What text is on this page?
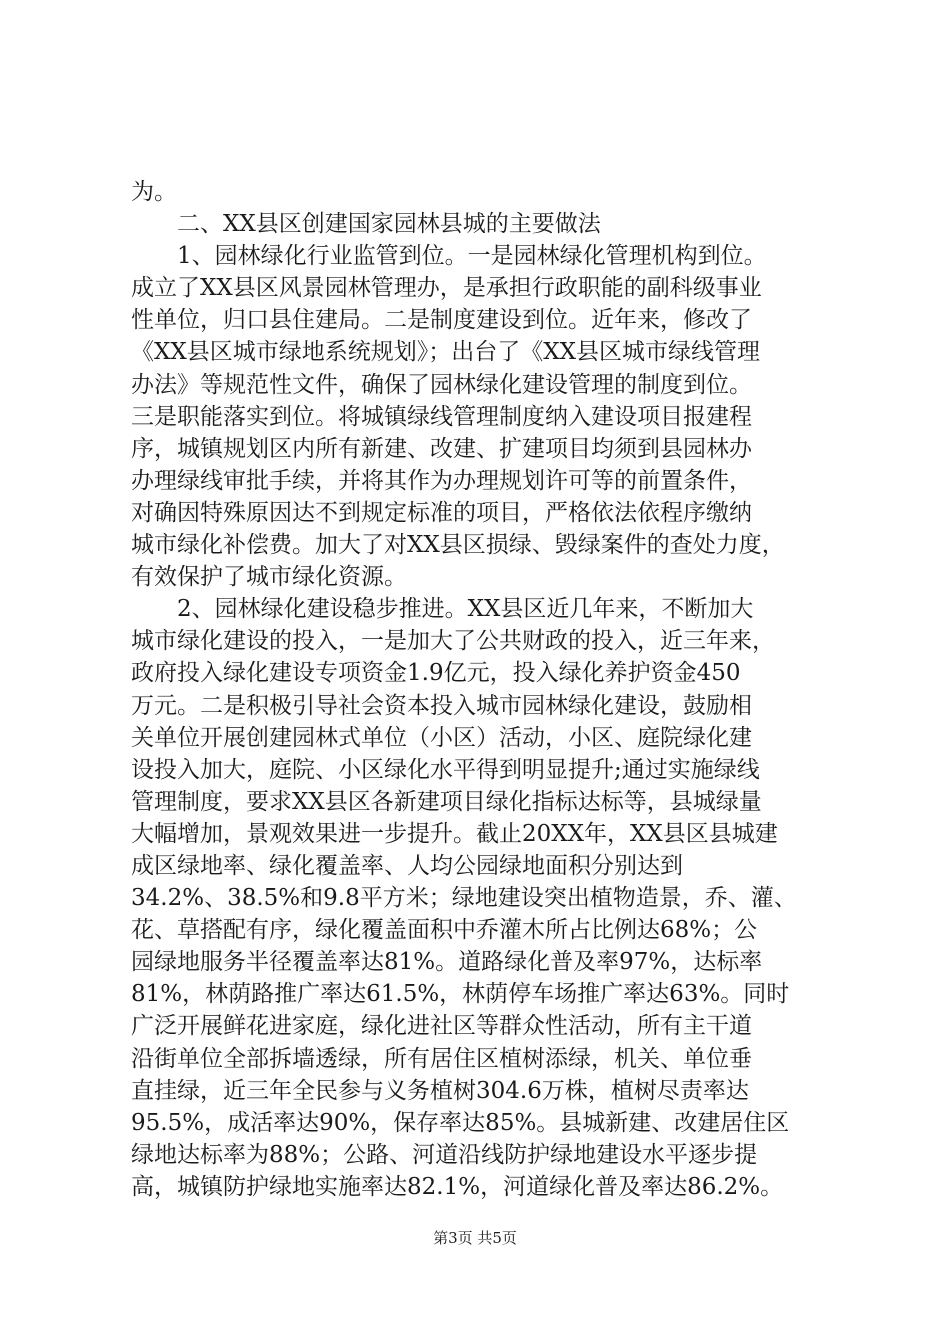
为。
　　二、XX县区创建国家园林县城的主要做法
　　1、园林绿化行业监管到位。一是园林绿化管理机构到位。
成立了XX县区风景园林管理办，是承担行政职能的副科级事业
性单位，归口县住建局。二是制度建设到位。近年来，修改了
《XX县区城市绿地系统规划》；出台了《XX县区城市绿线管理
办法》等规范性文件，确保了园林绿化建设管理的制度到位。
三是职能落实到位。将城镇绿线管理制度纳入建设项目报建程
序，城镇规划区内所有新建、改建、扩建项目均须到县园林办
办理绿线审批手续，并将其作为办理规划许可等的前置条件，
对确因特殊原因达不到规定标准的项目，严格依法依程序缴纳
城市绿化补偿费。加大了对XX县区损绿、毁绿案件的查处力度，
有效保护了城市绿化资源。
　　2、园林绿化建设稳步推进。XX县区近几年来，不断加大
城市绿化建设的投入，一是加大了公共财政的投入，近三年来，
政府投入绿化建设专项资金1.9亿元，投入绿化养护资金450
万元。二是积极引导社会资本投入城市园林绿化建设，鼓励相
关单位开展创建园林式单位（小区）活动，小区、庭院绿化建
设投入加大，庭院、小区绿化水平得到明显提升;通过实施绿线
管理制度，要求XX县区各新建项目绿化指标达标等，县城绿量
大幅增加，景观效果进一步提升。截止20XX年，XX县区县城建
成区绿地率、绿化覆盖率、人均公园绿地面积分别达到
34.2%、38.5%和9.8平方米；绿地建设突出植物造景，乔、灌、
花、草搭配有序，绿化覆盖面积中乔灌木所占比例达68%；公
园绿地服务半径覆盖率达81%。道路绿化普及率97%，达标率
81%，林荫路推广率达61.5%，林荫停车场推广率达63%。同时
广泛开展鲜花进家庭，绿化进社区等群众性活动，所有主干道
沿街单位全部拆墙透绿，所有居住区植树添绿，机关、单位垂
直挂绿，近三年全民参与义务植树304.6万株，植树尽责率达
95.5%，成活率达90%，保存率达85%。县城新建、改建居住区
绿地达标率为88%；公路、河道沿线防护绿地建设水平逐步提
高，城镇防护绿地实施率达82.1%，河道绿化普及率达86.2%。
第3页 共5页
